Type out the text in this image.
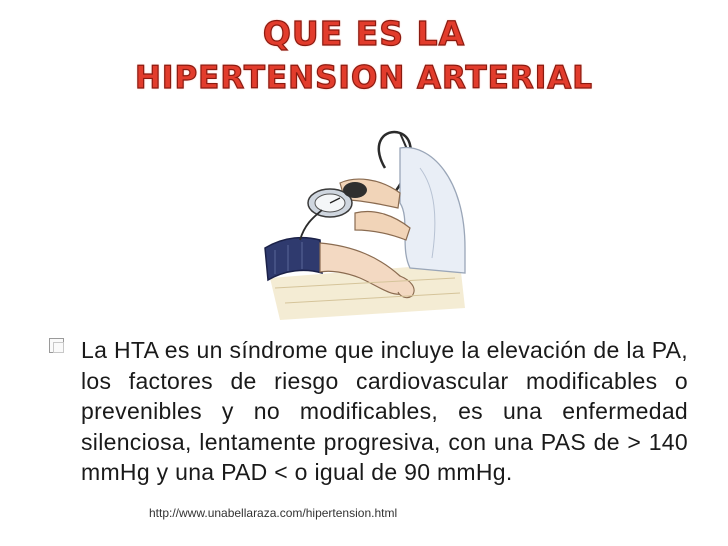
QUE ES LA
HIPERTENSION ARTERIAL
La HTA es un síndrome que incluye la elevación de la PA, los factores de riesgo cardiovascular modificables o prevenibles y no modificables, es una enfermedad silenciosa, lentamente progresiva, con una PAS de > 140 mmHg y una PAD < o igual de 90 mmHg.
http://www.unabellaraza.com/hipertension.html
